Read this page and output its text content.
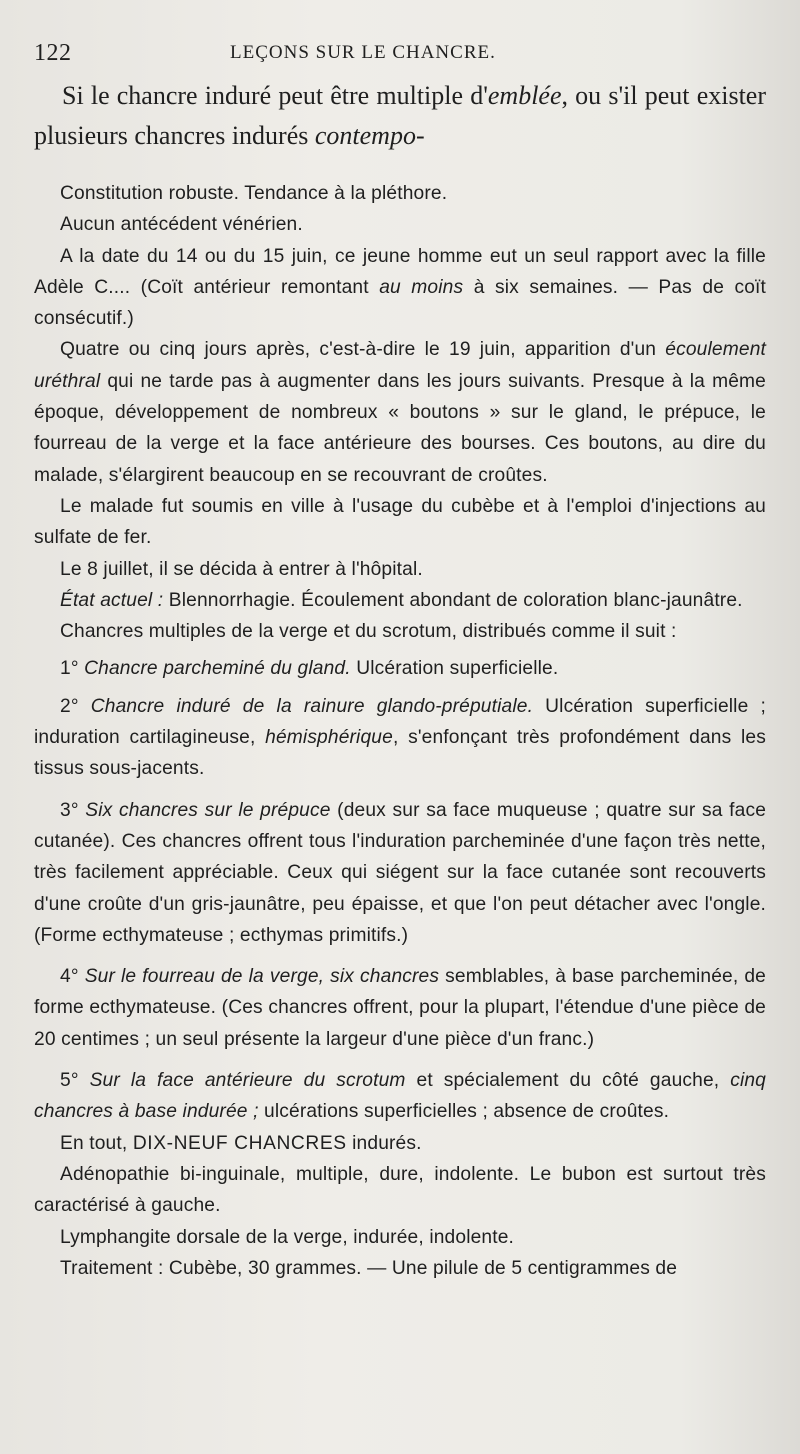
122	LEÇONS SUR LE CHANCRE.

Si le chancre induré peut être multiple d'emblée, ou s'il peut exister plusieurs chancres indurés contempo-

Constitution robuste. Tendance à la pléthore.

Aucun antécédent vénérien.

A la date du 14 ou du 15 juin, ce jeune homme eut un seul rapport avec la fille Adèle C.... (Coït antérieur remontant au moins à six semaines. — Pas de coït consécutif.)

Quatre ou cinq jours après, c'est-à-dire le 19 juin, apparition d'un écoulement uréthral qui ne tarde pas à augmenter dans les jours suivants. Presque à la même époque, développement de nombreux « boutons » sur le gland, le prépuce, le fourreau de la verge et la face antérieure des bourses. Ces boutons, au dire du malade, s'élargirent beaucoup en se recouvrant de croûtes.

Le malade fut soumis en ville à l'usage du cubèbe et à l'emploi d'injections au sulfate de fer.

Le 8 juillet, il se décida à entrer à l'hôpital.

État actuel : Blennorrhagie. Écoulement abondant de coloration blanc-jaunâtre.

Chancres multiples de la verge et du scrotum, distribués comme il suit :

1° Chancre parcheminé du gland. Ulcération superficielle.

2° Chancre induré de la rainure glando-préputiale. Ulcération superficielle ; induration cartilagineuse, hémisphérique, s'enfonçant très profondément dans les tissus sous-jacents.

3° Six chancres sur le prépuce (deux sur sa face muqueuse ; quatre sur sa face cutanée). Ces chancres offrent tous l'induration parcheminée d'une façon très nette, très facilement appréciable. Ceux qui siégent sur la face cutanée sont recouverts d'une croûte d'un gris-jaunâtre, peu épaisse, et que l'on peut détacher avec l'ongle. (Forme ecthymateuse ; ecthymas primitifs.)

4° Sur le fourreau de la verge, six chancres semblables, à base parcheminée, de forme ecthymateuse. (Ces chancres offrent, pour la plupart, l'étendue d'une pièce de 20 centimes ; un seul présente la largeur d'une pièce d'un franc.)

5° Sur la face antérieure du scrotum et spécialement du côté gauche, cinq chancres à base indurée ; ulcérations superficielles ; absence de croûtes.

En tout, DIX-NEUF CHANCRES indurés.

Adénopathie bi-inguinale, multiple, dure, indolente. Le bubon est surtout très caractérisé à gauche.

Lymphangite dorsale de la verge, indurée, indolente.

Traitement : Cubèbe, 30 grammes. — Une pilule de 5 centigrammes de
